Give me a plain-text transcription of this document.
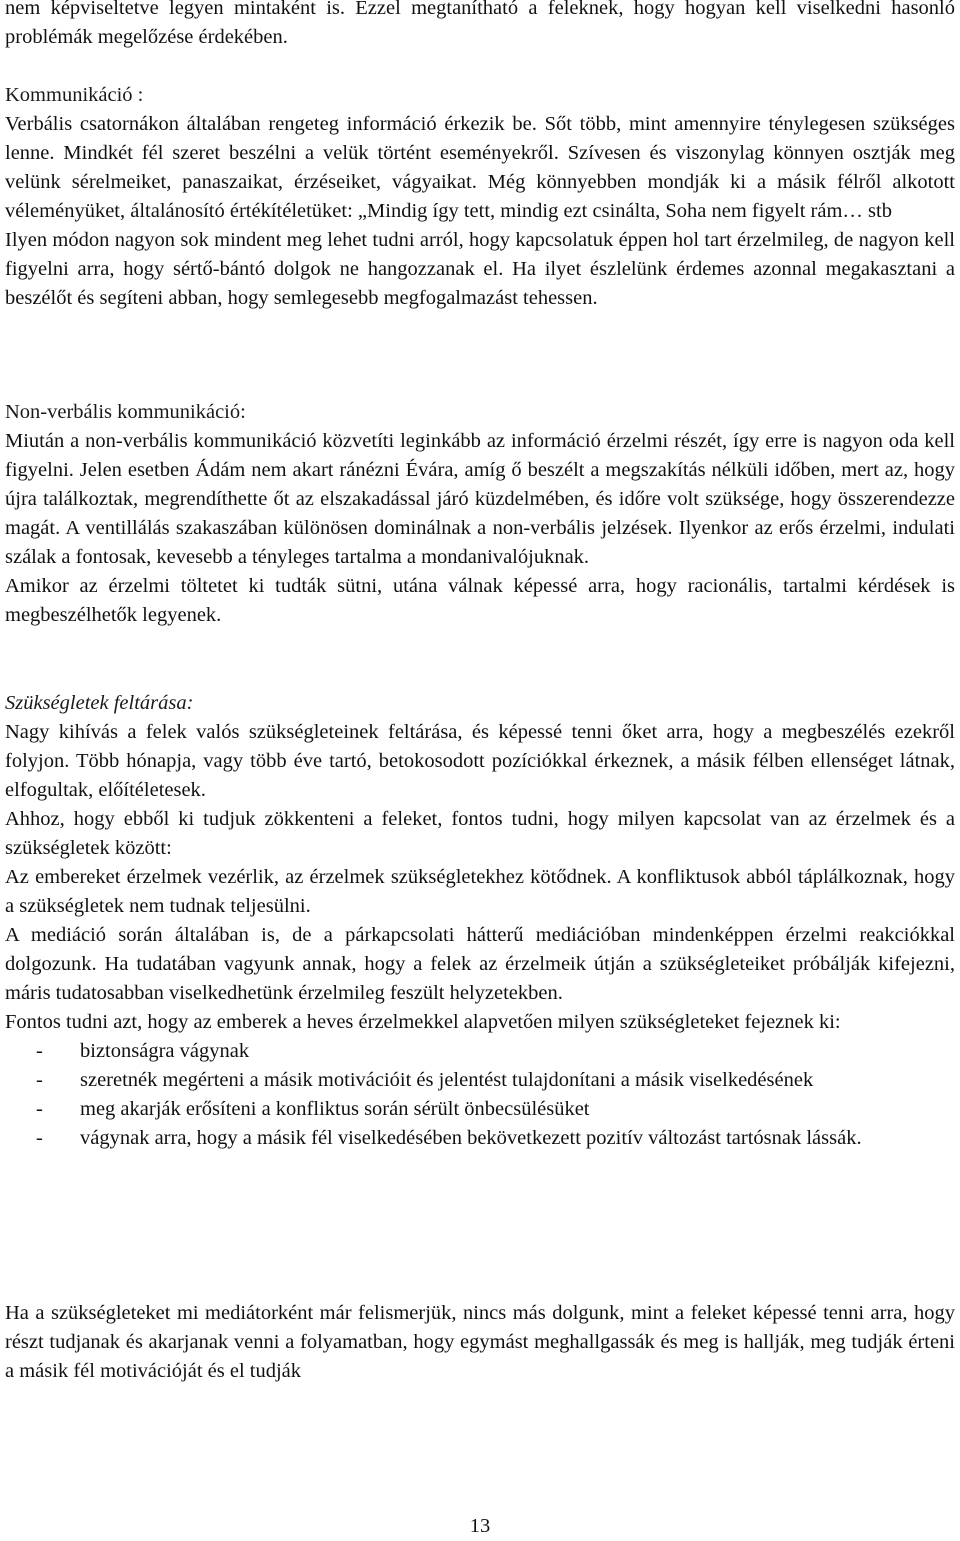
nem képviseltetve legyen mintaként is. Ezzel megtanítható a feleknek, hogy hogyan kell viselkedni hasonló problémák megelőzése érdekében.

Kommunikáció :

Verbális csatornákon általában rengeteg információ érkezik be. Sőt több, mint amennyire ténylegesen szükséges lenne. Mindkét fél szeret beszélni a velük történt eseményekről. Szívesen és viszonylag könnyen osztják meg velünk sérelmeiket, panaszaikat, érzéseiket, vágyaikat. Még könnyebben mondják ki a másik félről alkotott véleményüket, általánosító értékítéletüket: „Mindig így tett, mindig ezt csinálta, Soha nem figyelt rám… stb

Ilyen módon nagyon sok mindent meg lehet tudni arról, hogy kapcsolatuk éppen hol tart érzelmileg, de nagyon kell figyelni arra, hogy sértő-bántó dolgok ne hangozzanak el. Ha ilyet észlelünk érdemes azonnal megakasztani a beszélőt és segíteni abban, hogy semlegesebb megfogalmazást tehessen.

Non-verbális kommunikáció:

Miután a non-verbális kommunikáció közvetíti leginkább az információ érzelmi részét, így erre is nagyon oda kell figyelni. Jelen esetben Ádám nem akart ránézni Évára, amíg ő beszélt a megszakítás nélküli időben, mert az, hogy újra találkoztak, megrendíthette őt az elszakadással járó küzdelmében, és időre volt szüksége, hogy összerendezze magát. A ventillálás szakaszában különösen dominálnak a non-verbális jelzések. Ilyenkor az erős érzelmi, indulati szálak a fontosak, kevesebb a tényleges tartalma a mondanivalójuknak.

Amikor az érzelmi töltetet ki tudták sütni, utána válnak képessé arra, hogy racionális, tartalmi kérdések is megbeszélhetők legyenek.

Szükségletek feltárása:

Nagy kihívás a felek valós szükségleteinek feltárása, és képessé tenni őket arra, hogy a megbeszélés ezekről folyjon. Több hónapja, vagy több éve tartó, betokosodott pozíciókkal érkeznek, a másik félben ellenséget látnak, elfogultak, előítéletesek.

Ahhoz, hogy ebből ki tudjuk zökkenteni a feleket, fontos tudni, hogy milyen kapcsolat van az érzelmek és a szükségletek között:

Az embereket érzelmek vezérlik, az érzelmek szükségletekhez kötődnek. A konfliktusok abból táplálkoznak, hogy a szükségletek nem tudnak teljesülni.

A mediáció során általában is, de a párkapcsolati hátterű mediációban mindenképpen érzelmi reakciókkal dolgozunk. Ha tudatában vagyunk annak, hogy a felek az érzelmeik útján a szükségleteiket próbálják kifejezni, máris tudatosabban viselkedhetünk érzelmileg feszült helyzetekben.

Fontos tudni azt, hogy az emberek a heves érzelmekkel alapvetően milyen szükségleteket fejeznek ki:

- biztonságra vágynak
- szeretnék megérteni a másik motivációit és jelentést tulajdonítani a másik viselkedésének
- meg akarják erősíteni a konfliktus során sérült önbecsülésüket
- vágynak arra, hogy a másik fél viselkedésében bekövetkezett pozitív változást tartósnak lássák.

Ha a szükségleteket mi mediátorként már felismerjük, nincs más dolgunk, mint a feleket képessé tenni arra, hogy részt tudjanak és akarjanak venni a folyamatban, hogy egymást meghallgassák és meg is hallják, meg tudják érteni a másik fél motivációját és el tudják

13
